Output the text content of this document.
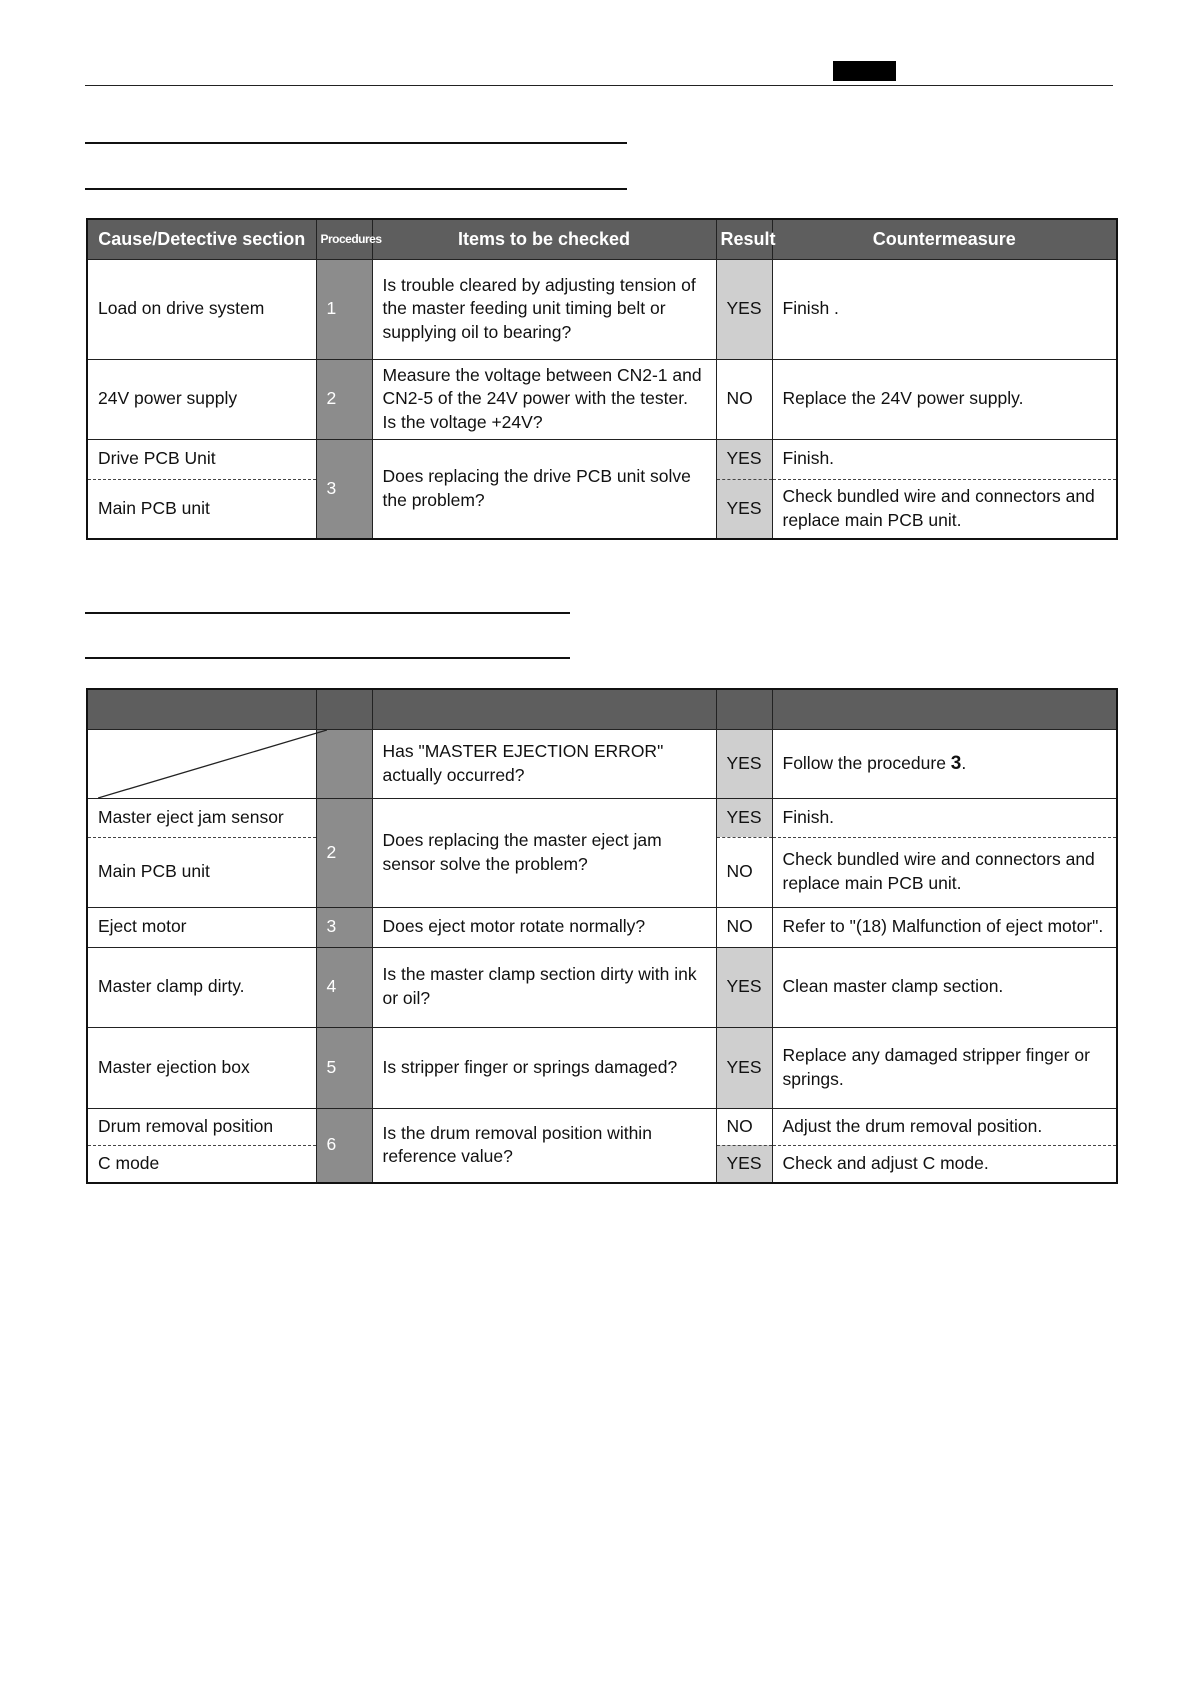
Cause/Detective section	Procedures	Items to be checked	Result	Countermeasure
Load on drive system	1	Is trouble cleared by adjusting tension of the master feeding unit timing belt or supplying oil to bearing?	YES	Finish .
24V power supply	2	Measure the voltage between CN2-1 and CN2-5 of the 24V power with the tester. Is the voltage +24V?	NO	Replace the 24V power supply.
Drive PCB Unit	3	Does replacing the drive PCB unit solve the problem?	YES	Finish.
Main PCB unit			YES	Check bundled wire and connectors and replace main PCB unit.

		Has "MASTER EJECTION ERROR" actually occurred?	YES	Follow the procedure 3.
Master eject jam sensor	2	Does replacing the master eject jam sensor solve the problem?	YES	Finish.
Main PCB unit			NO	Check bundled wire and connectors and replace main PCB unit.
Eject motor	3	Does eject motor rotate normally?	NO	Refer to "(18) Malfunction of eject motor".
Master clamp dirty.	4	Is the master clamp section dirty with ink or oil?	YES	Clean master clamp section.
Master ejection box	5	Is stripper finger or springs damaged?	YES	Replace any damaged stripper finger or springs.
Drum removal position	6	Is the drum removal position within reference value?	NO	Adjust the drum removal position.
C mode			YES	Check and adjust C mode.
